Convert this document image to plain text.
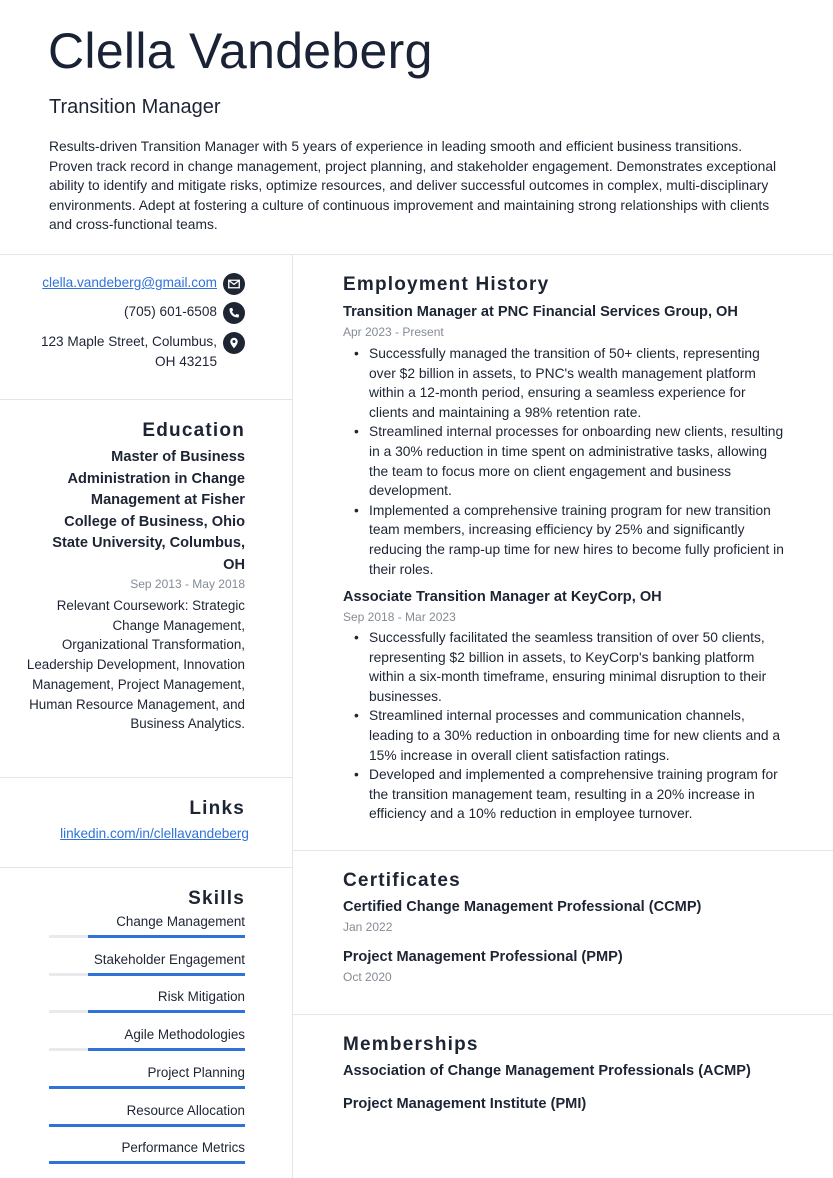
Clella Vandeberg
Transition Manager

Results-driven Transition Manager with 5 years of experience in leading smooth and efficient business transitions. Proven track record in change management, project planning, and stakeholder engagement. Demonstrates exceptional ability to identify and mitigate risks, optimize resources, and deliver successful outcomes in complex, multi-disciplinary environments. Adept at fostering a culture of continuous improvement and maintaining strong relationships with clients and cross-functional teams.

clella.vandeberg@gmail.com
(705) 601-6508
123 Maple Street, Columbus,
OH 43215
Education
Master of Business Administration in Change Management at Fisher College of Business, Ohio State University, Columbus, OH
Sep 2013 - May 2018
Relevant Coursework: Strategic Change Management, Organizational Transformation, Leadership Development, Innovation Management, Project Management, Human Resource Management, and Business Analytics.
Links
linkedin.com/in/clellavandeberg
Skills
Change Management
Stakeholder Engagement
Risk Mitigation
Agile Methodologies
Project Planning
Resource Allocation
Performance Metrics
Employment History
Transition Manager at PNC Financial Services Group, OH
Apr 2023 - Present
• Successfully managed the transition of 50+ clients, representing over $2 billion in assets, to PNC's wealth management platform within a 12-month period, ensuring a seamless experience for clients and maintaining a 98% retention rate.
• Streamlined internal processes for onboarding new clients, resulting in a 30% reduction in time spent on administrative tasks, allowing the team to focus more on client engagement and business development.
• Implemented a comprehensive training program for new transition team members, increasing efficiency by 25% and significantly reducing the ramp-up time for new hires to become fully proficient in their roles.
Associate Transition Manager at KeyCorp, OH
Sep 2018 - Mar 2023
• Successfully facilitated the seamless transition of over 50 clients, representing $2 billion in assets, to KeyCorp's banking platform within a six-month timeframe, ensuring minimal disruption to their businesses.
• Streamlined internal processes and communication channels, leading to a 30% reduction in onboarding time for new clients and a 15% increase in overall client satisfaction ratings.
• Developed and implemented a comprehensive training program for the transition management team, resulting in a 20% increase in efficiency and a 10% reduction in employee turnover.
Certificates
Certified Change Management Professional (CCMP)
Jan 2022
Project Management Professional (PMP)
Oct 2020
Memberships
Association of Change Management Professionals (ACMP)
Project Management Institute (PMI)
